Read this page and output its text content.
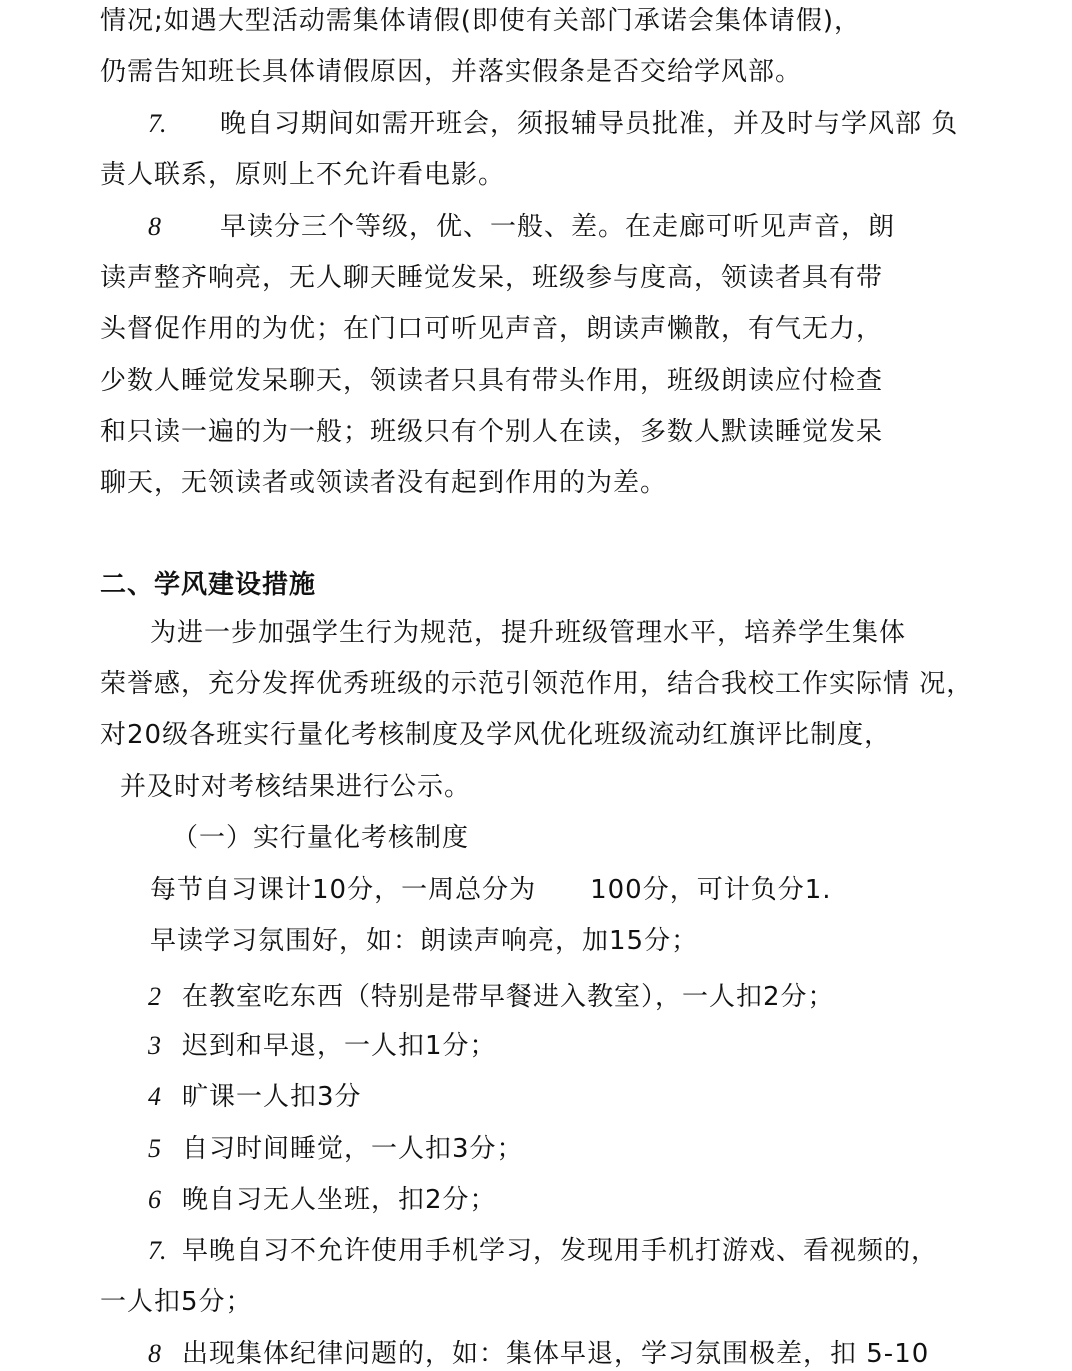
情况;如遇大型活动需集体请假(即使有关部门承诺会集体请假)，
仍需告知班长具体请假原因，并落实假条是否交给学风部。
7. 晚自习期间如需开班会，须报辅导员批准，并及时与学风部 负
责人联系，原则上不允许看电影。
8 早读分三个等级，优、一般、差。在走廊可听见声音，朗
读声整齐响亮，无人聊天睡觉发呆，班级参与度高，领读者具有带
头督促作用的为优；在门口可听见声音，朗读声懒散，有气无力，
少数人睡觉发呆聊天，领读者只具有带头作用，班级朗读应付检查
和只读一遍的为一般；班级只有个别人在读，多数人默读睡觉发呆
聊天，无领读者或领读者没有起到作用的为差。
二、学风建设措施
为进一步加强学生行为规范，提升班级管理水平，培养学生集体
荣誉感，充分发挥优秀班级的示范引领范作用，结合我校工作实际情 况，
对20级各班实行量化考核制度及学风优化班级流动红旗评比制度，
并及时对考核结果进行公示。
（一）实行量化考核制度
每节自习课计10分，一周总分为　　100分，可计负分1.
早读学习氛围好，如：朗读声响亮，加15分；
2 在教室吃东西（特别是带早餐进入教室），一人扣2分；
3 迟到和早退，一人扣1分；
4 旷课一人扣3分
5 自习时间睡觉，一人扣3分；
6 晚自习无人坐班，扣2分；
7. 早晚自习不允许使用手机学习，发现用手机打游戏、看视频的，
一人扣5分；
8 出现集体纪律问题的，如：集体早退，学习氛围极差，扣 5-10
